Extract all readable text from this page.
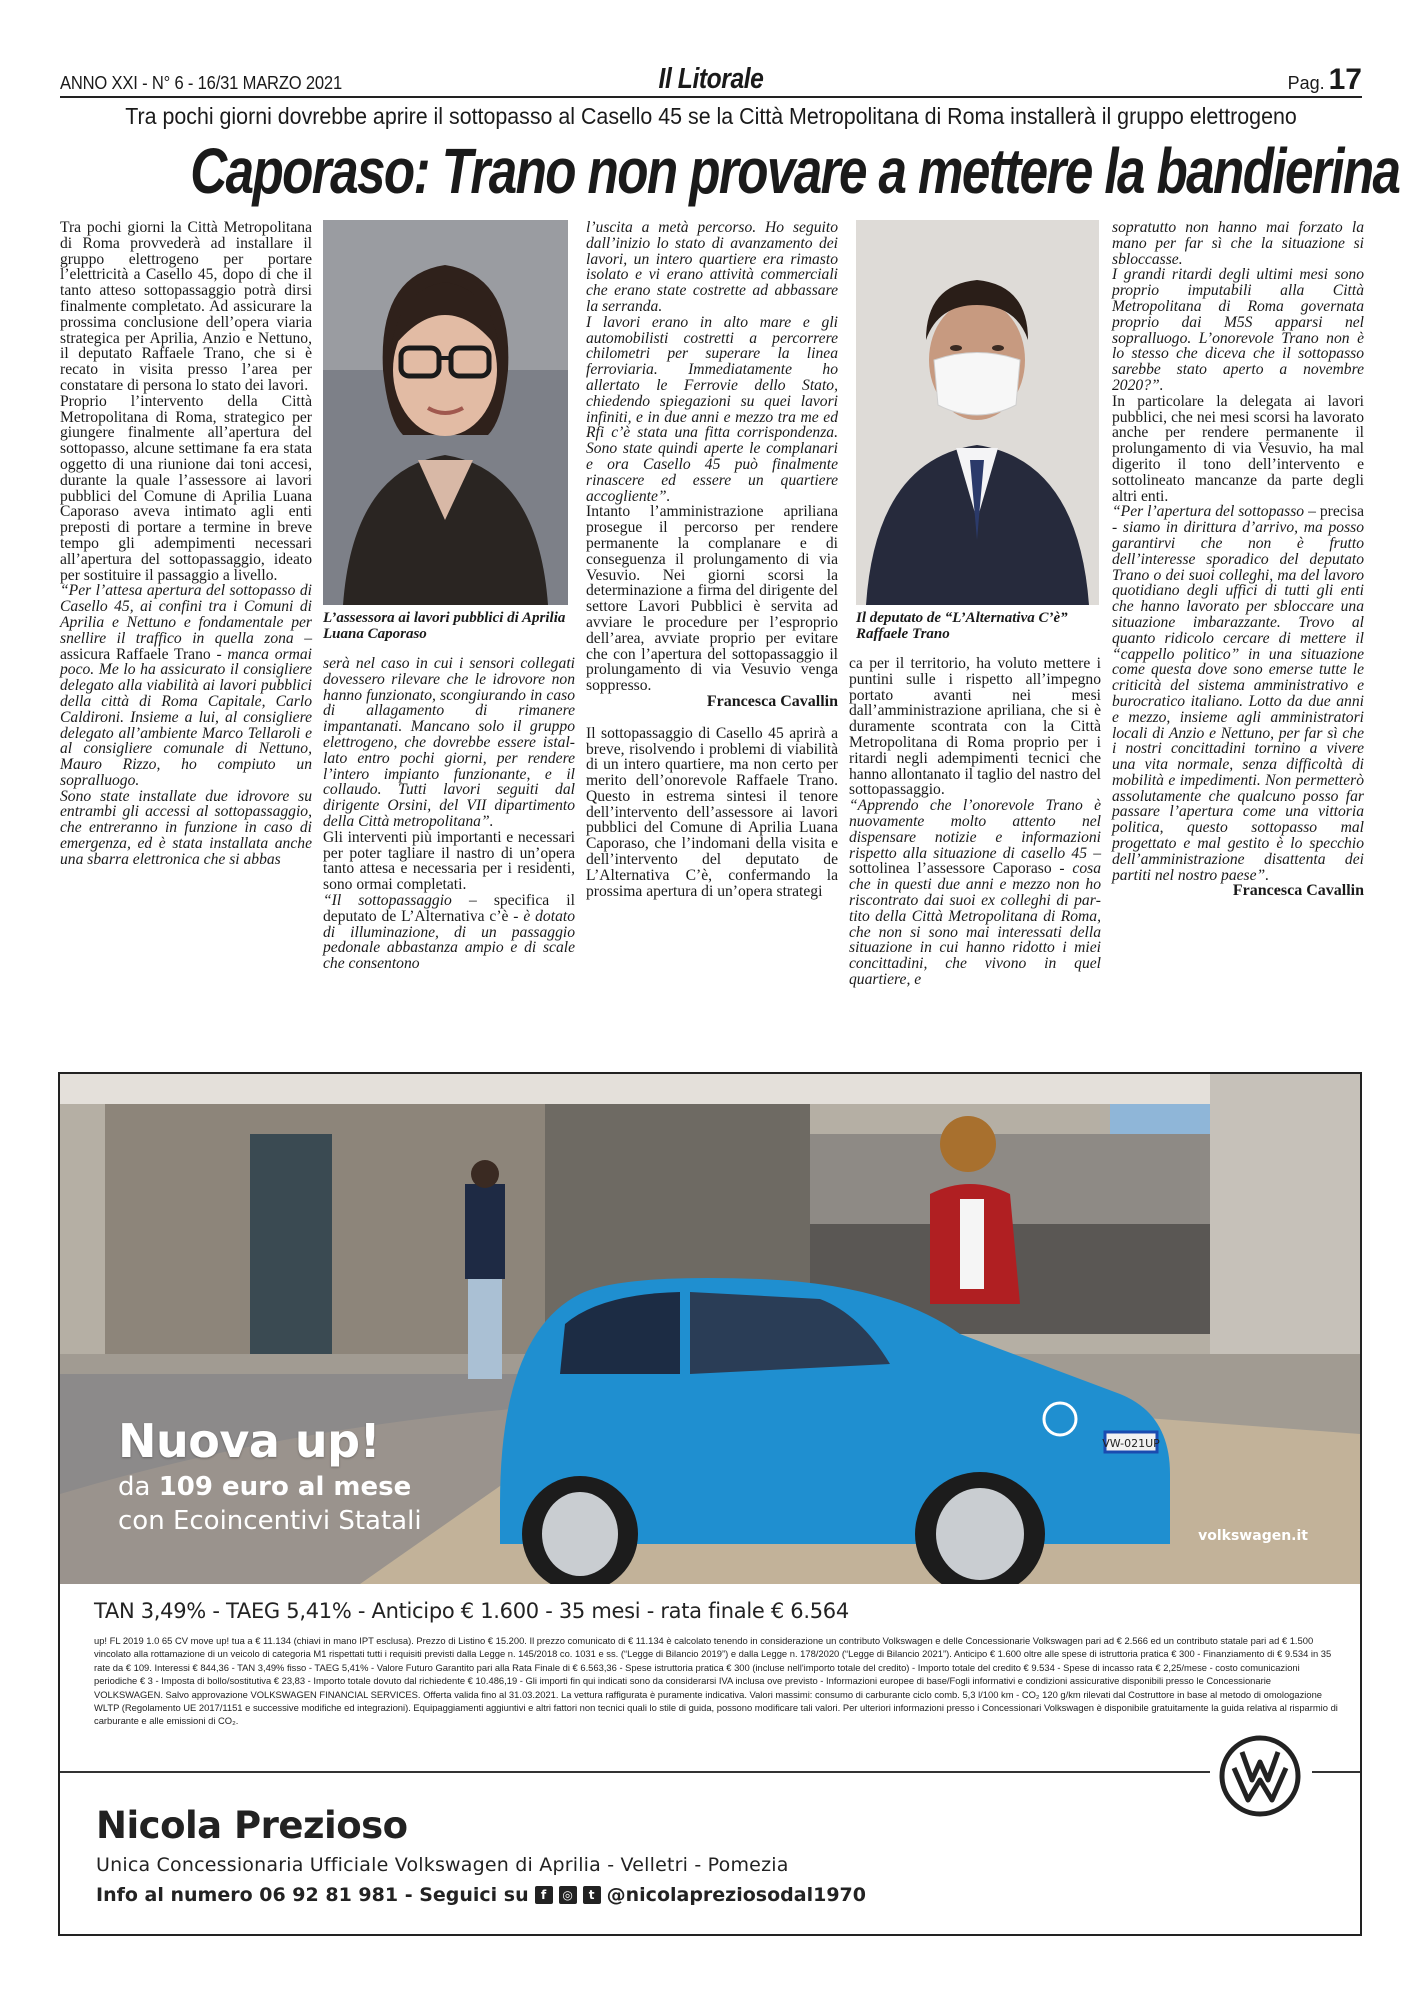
ANNO XXI - N° 6 - 16/31 MARZO 2021	Il Litorale	Pag. 17
Tra pochi giorni dovrebbe aprire il sottopasso al Casello 45 se la Città Metropolitana di Roma installerà il gruppo elettrogeno
Caporaso: Trano non provare a mettere la bandierina

Tra pochi giorni la Città Metropolitana di Roma provvederà ad installare il gruppo elettrogeno per portare l’elettricità a Casello 45, dopo di che il tanto atteso sottopassaggio potrà dirsi finalmente completato. Ad assicurare la prossima conclusione dell’opera viaria strategica per Aprilia, Anzio e Nettuno, il deputato Raffaele Trano, che si è recato in visita presso l’area per constatare di persona lo stato dei lavori.

Proprio l’intervento della Città Metropolitana di Roma, strategico per giungere finalmente all’apertura del sottopasso, alcune settimane fa era stata oggetto di una riunione dai toni accesi, durante la quale l’assessore ai lavori pubblici del Comune di Aprilia Luana Caporaso aveva intimato agli enti preposti di portare a termine in breve tempo gli adempimenti necessari all’apertura del sottopassaggio, ideato per sostituire il passaggio a livello.

“Per l’attesa apertura del sottopasso di Casello 45, ai confini tra i Comuni di Aprilia e Nettuno e fondamentale per snellire il traffico in quella zona – assicura Raffaele Trano - manca ormai poco. Me lo ha assicurato il consigliere delegato alla viabilità ai lavori pubblici della città di Roma Capitale, Carlo Caldironi. Insieme a lui, al consigliere delegato all’ambiente Marco Tellaroli e al consigliere comunale di Nettuno, Mauro Rizzo, ho compiuto un sopralluogo.

Sono state installate due idrovore su entrambi gli accessi al sottopassaggio, che entreranno in funzione in caso di emergenza, ed è stata installata anche una sbarra elettronica che si abbas

L’assessora ai lavori pubblici di Aprilia Luana Caporaso

serà nel caso in cui i sensori collegati dovessero rilevare che le idrovore non hanno funzionato, scongiurando in caso di allagamento di rimanere impantanati. Mancano solo il gruppo elettrogeno, che dovrebbe essere istallato entro pochi giorni, per rendere l’intero impianto funzionante, e il collaudo. Tutti lavori seguiti dal dirigente Orsini, del VII dipartimento della Città metropolitana”.

Gli interventi più importanti e necessari per poter tagliare il nastro di un’opera tanto attesa e necessaria per i residenti, sono ormai completati.

“Il sottopassaggio – specifica il deputato de L’Alternativa c’è - è dotato di illuminazione, di un passaggio pedonale abbastanza ampio e di scale che consentono

l’uscita a metà percorso. Ho seguito dall’inizio lo stato di avanzamento dei lavori, un intero quartiere era rimasto isolato e vi erano attività commerciali che erano state costrette ad abbassare la serranda.

I lavori erano in alto mare e gli automobilisti costretti a percorrere chilometri per superare la linea ferroviaria. Immediatamente ho allertato le Ferrovie dello Stato, chiedendo spiegazioni su quei lavori infiniti, e in due anni e mezzo tra me ed Rfi c’è stata una fitta corrispondenza. Sono state quindi aperte le complanari e ora Casello 45 può finalmente rinascere ed essere un quartiere accogliente”.

Intanto l’amministrazione apriliana prosegue il percorso per rendere permanente la complanare e di conseguenza il prolungamento di via Vesuvio. Nei giorni scorsi la determinazione a firma del dirigente del settore Lavori Pubblici è servita ad avviare le procedure per l’esproprio dell’area, avviate proprio per evitare che con l’apertura del sottopassaggio il prolungamento di via Vesuvio venga soppresso.

Francesca Cavallin

Il sottopassaggio di Casello 45 aprirà a breve, risolvendo i problemi di viabilità di un intero quartiere, ma non certo per merito dell’onorevole Raffaele Trano. Questo in estrema sintesi il tenore dell’intervento dell’assessore ai lavori pubblici del Comune di Aprilia Luana Caporaso, che l’indomani della visita e dell’intervento del deputato de L’Alternativa C’è, confermando la prossima apertura di un’opera strategi

Il deputato de “L’Alternativa C’è” Raffaele Trano

ca per il territorio, ha voluto mettere i puntini sulle i rispetto all’impegno portato avanti nei mesi dall’amministrazione apriliana, che si è duramente scontrata con la Città Metropolitana di Roma proprio per i ritardi negli adempimenti tecnici che hanno allontanato il taglio del nastro del sottopassaggio.

“Apprendo che l’onorevole Trano è nuovamente molto attento nel dispensare notizie e informazioni rispetto alla situazione di casello 45 – sottolinea l’assessore Caporaso - cosa che in questi due anni e mezzo non ho riscontrato dai suoi ex colleghi di partito della Città Metropolitana di Roma, che non si sono mai interessati della situazione in cui hanno ridotto i miei concittadini, che vivono in quel quartiere, e

sopratutto non hanno mai forzato la mano per far sì che la situazione si sbloccasse.

I grandi ritardi degli ultimi mesi sono proprio imputabili alla Città Metropolitana di Roma governata proprio dai M5S apparsi nel sopralluogo. L’onorevole Trano non è lo stesso che diceva che il sottopasso sarebbe stato aperto a novembre 2020?”.

In particolare la delegata ai lavori pubblici, che nei mesi scorsi ha lavorato anche per rendere permanente il prolungamento di via Vesuvio, ha mal digerito il tono dell’intervento e sottolineato mancanze da parte degli altri enti.

“Per l’apertura del sottopasso – precisa - siamo in dirittura d’arrivo, ma posso garantirvi che non è frutto dell’interesse sporadico del deputato Trano o dei suoi colleghi, ma del lavoro quotidiano degli uffici di tutti gli enti che hanno lavorato per sbloccare una situazione imbarazzante. Trovo al quanto ridicolo cercare di mettere il “cappello politico” in una situazione come questa dove sono emerse tutte le criticità del sistema amministrativo e burocratico italiano. Lotto da due anni e mezzo, insieme agli amministratori locali di Anzio e Nettuno, per far sì che i nostri concittadini tornino a vivere una vita normale, senza difficoltà di mobilità e impedimenti. Non permetterò assolutamente che qualcuno posso far passare l’apertura come una vittoria politica, questo sottopasso mal progettato e mal gestito è lo specchio dell’amministrazione disattenta dei partiti nel nostro paese”.

Francesca Cavallin

VW-021UP
Nuova up!
da 109 euro al mese
con Ecoincentivi Statali	volkswagen.it
TAN 3,49% - TAEG 5,41% - Anticipo € 1.600 - 35 mesi - rata finale € 6.564
up! FL 2019 1.0 65 CV move up! tua a € 11.134 (chiavi in mano IPT esclusa). Prezzo di Listino € 15.200. Il prezzo comunicato di € 11.134 è calcolato tenendo in considerazione un contributo Volkswagen e delle Concessionarie Volkswagen pari ad € 2.566 ed un contributo statale pari ad € 1.500 vincolato alla rottamazione di un veicolo di categoria M1 rispettati tutti i requisiti previsti dalla Legge n. 145/2018 co. 1031 e ss. (“Legge di Bilancio 2019”) e dalla Legge n. 178/2020 (“Legge di Bilancio 2021”). Anticipo € 1.600 oltre alle spese di istruttoria pratica € 300 - Finanziamento di € 9.534 in 35 rate da € 109. Interessi € 844,36 - TAN 3,49% fisso - TAEG 5,41% - Valore Futuro Garantito pari alla Rata Finale di € 6.563,36 - Spese istruttoria pratica € 300 (incluse nell'importo totale del credito) - Importo totale del credito € 9.534 - Spese di incasso rata € 2,25/mese - costo comunicazioni periodiche € 3 - Imposta di bollo/sostitutiva € 23,83 - Importo totale dovuto dal richiedente € 10.486,19 - Gli importi fin qui indicati sono da considerarsi IVA inclusa ove previsto - Informazioni europee di base/Fogli informativi e condizioni assicurative disponibili presso le Concessionarie VOLKSWAGEN. Salvo approvazione VOLKSWAGEN FINANCIAL SERVICES. Offerta valida fino al 31.03.2021. La vettura raffigurata è puramente indicativa. Valori massimi: consumo di carburante ciclo comb. 5,3 l/100 km - CO₂ 120 g/km rilevati dal Costruttore in base al metodo di omologazione WLTP (Regolamento UE 2017/1151 e successive modifiche ed integrazioni). Equipaggiamenti aggiuntivi e altri fattori non tecnici quali lo stile di guida, possono modificare tali valori. Per ulteriori informazioni presso i Concessionari Volkswagen è disponibile gratuitamente la guida relativa al risparmio di carburante e alle emissioni di CO₂.
Nicola Prezioso
Unica Concessionaria Ufficiale Volkswagen di Aprilia - Velletri - Pomezia
Info al numero 06 92 81 981 - Seguici su	f	◎	t @nicolapreziosodal1970
